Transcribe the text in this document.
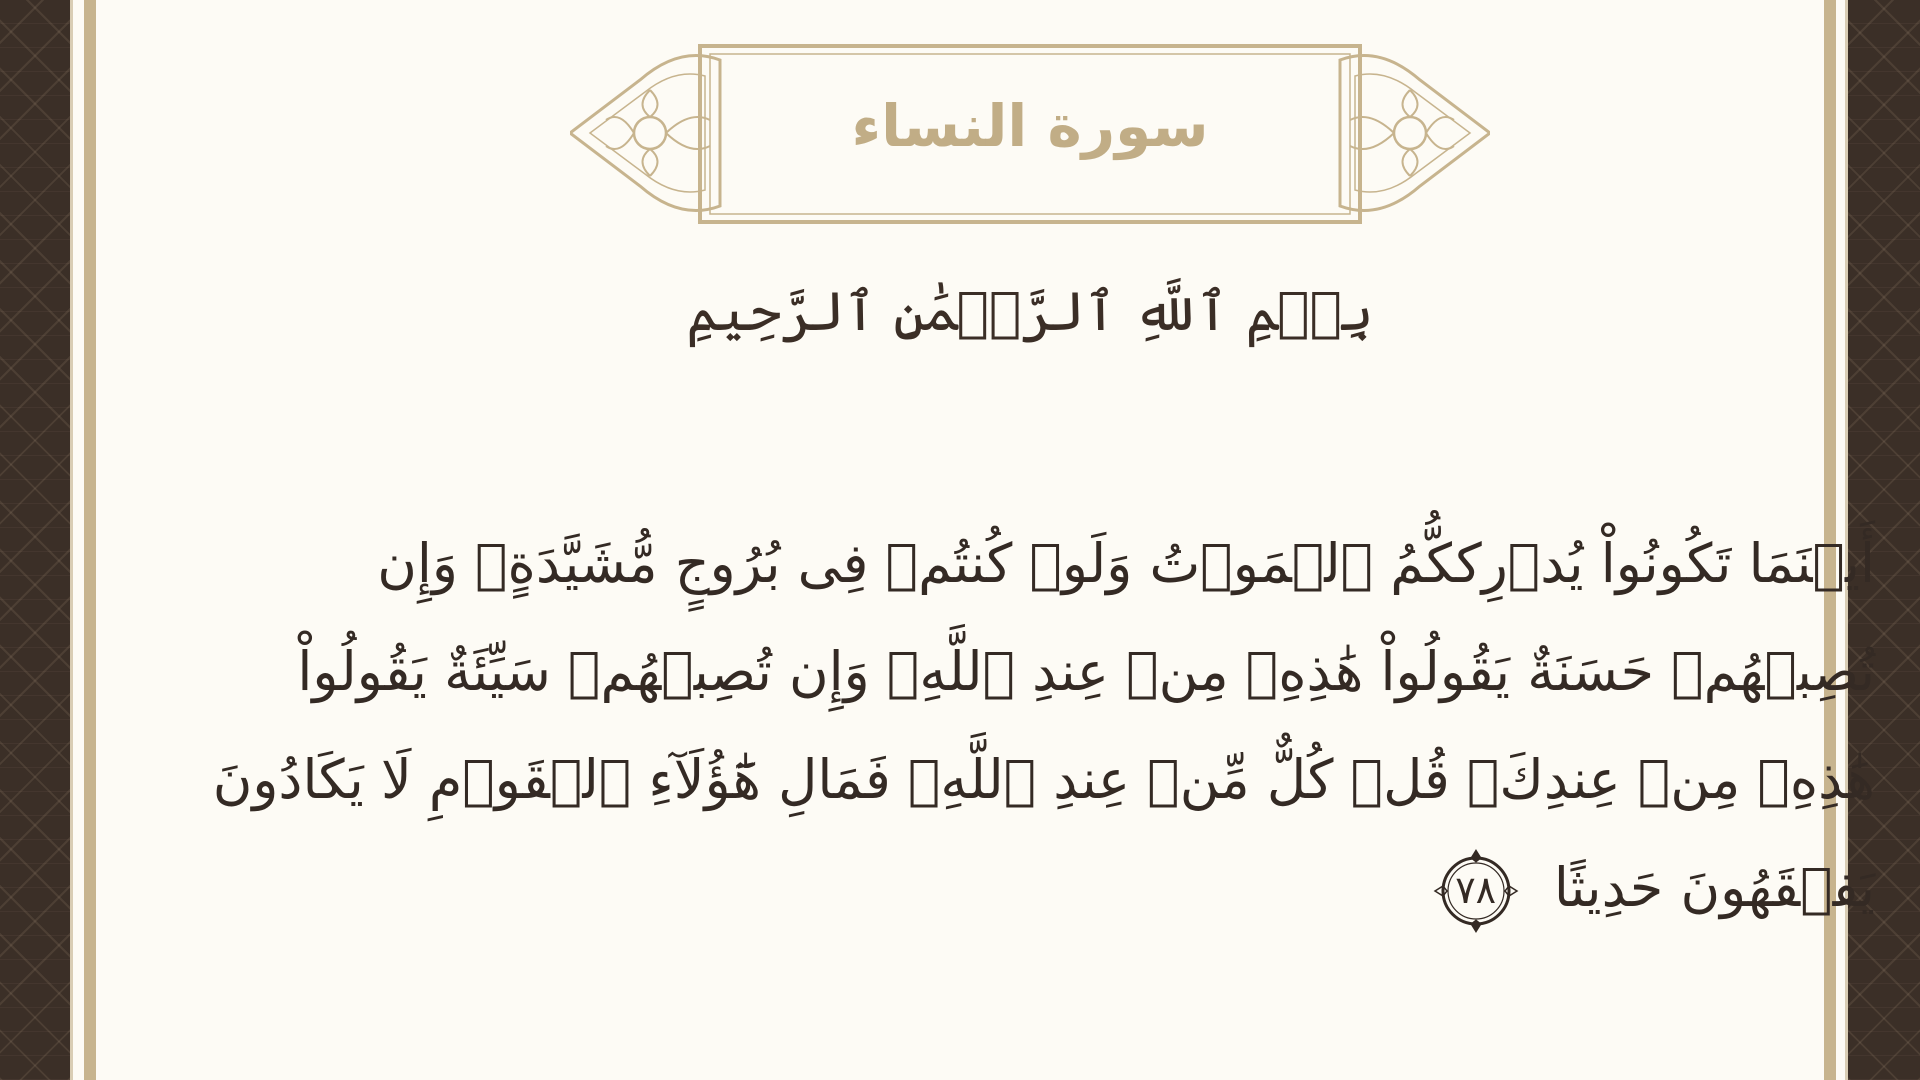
سورة النساء
بِسۡمِ ٱللَّهِ ٱلرَّحۡمَٰنِ ٱلرَّحِيمِ
أَيۡنَمَا تَكُونُواْ يُدۡرِككُّمُ ٱلۡمَوۡتُ وَلَوۡ كُنتُمۡ فِى بُرُوجٍ مُّشَيَّدَةٍۗ وَإِن
تُصِبۡهُمۡ حَسَنَةٌ يَقُولُواْ هَٰذِهِۦ مِنۡ عِندِ ٱللَّهِۖ وَإِن تُصِبۡهُمۡ سَيِّئَةٌ يَقُولُواْ
هَٰذِهِۦ مِنۡ عِندِكَۚ قُلۡ كُلٌّ مِّنۡ عِندِ ٱللَّهِۖ فَمَالِ هَٰٓؤُلَآءِ ٱلۡقَوۡمِ لَا يَكَادُونَ
يَفۡقَهُونَ حَدِيثًا
٧٨
